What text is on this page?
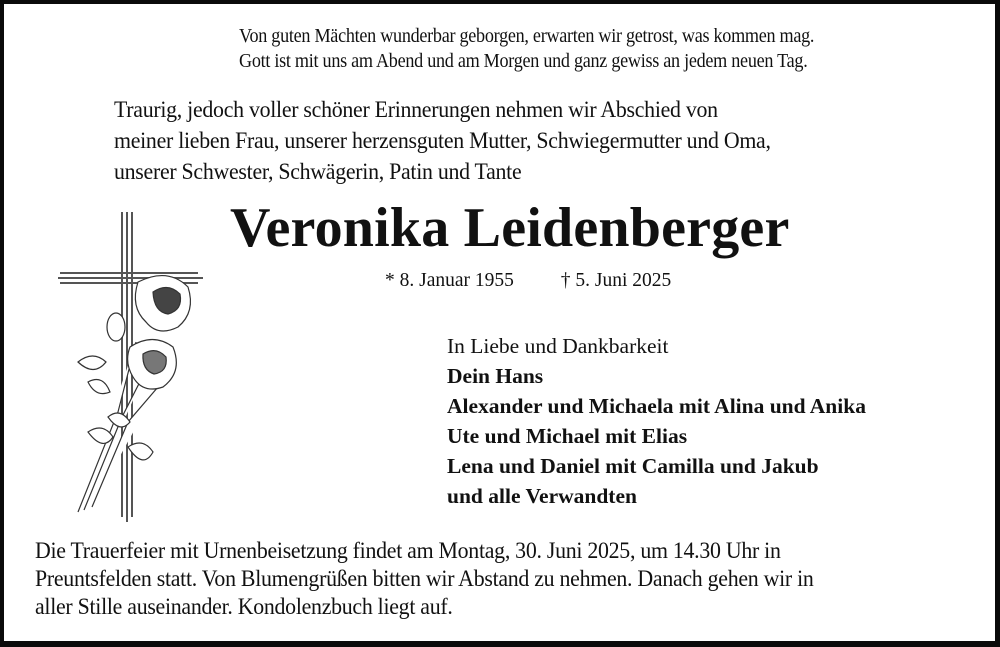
Von guten Mächten wunderbar geborgen, erwarten wir getrost, was kommen mag.
Gott ist mit uns am Abend und am Morgen und ganz gewiss an jedem neuen Tag.
Traurig, jedoch voller schöner Erinnerungen nehmen wir Abschied von
meiner lieben Frau, unserer herzensguten Mutter, Schwiegermutter und Oma,
unserer Schwester, Schwägerin, Patin und Tante
Veronika Leidenberger
* 8. Januar 1955 † 5. Juni 2025
In Liebe und Dankbarkeit
Dein Hans
Alexander und Michaela mit Alina und Anika
Ute und Michael mit Elias
Lena und Daniel mit Camilla und Jakub
und alle Verwandten
Die Trauerfeier mit Urnenbeisetzung findet am Montag, 30. Juni 2025, um 14.30 Uhr in
Preuntsfelden statt. Von Blumengrüßen bitten wir Abstand zu nehmen. Danach gehen wir in
aller Stille auseinander. Kondolenzbuch liegt auf.
